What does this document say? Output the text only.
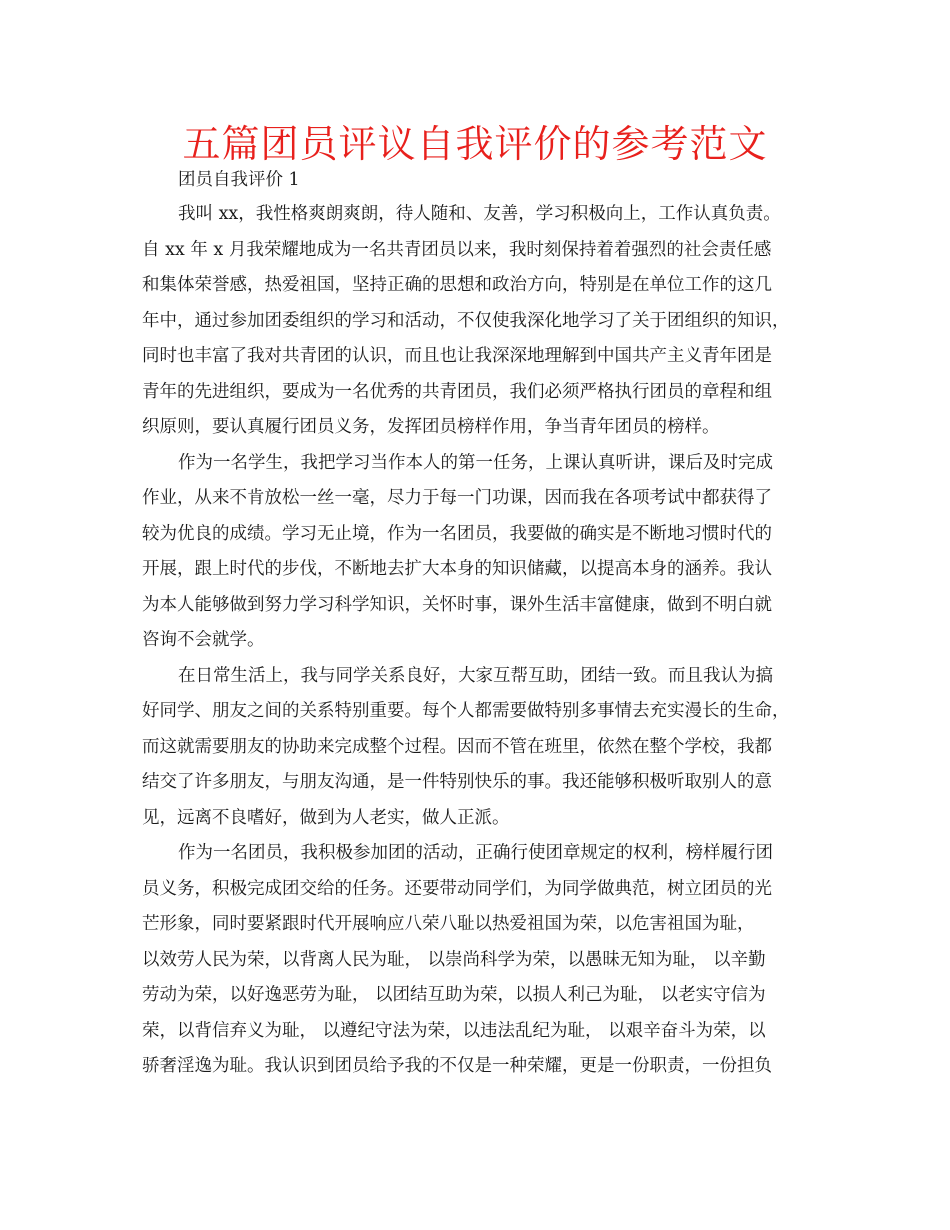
五篇团员评议自我评价的参考范文
团员自我评价 1
我叫 xx，我性格爽朗爽朗，待人随和、友善，学习积极向上，工作认真负责。
自 xx 年 x 月我荣耀地成为一名共青团员以来，我时刻保持着着强烈的社会责任感
和集体荣誉感，热爱祖国，坚持正确的思想和政治方向，特别是在单位工作的这几
年中，通过参加团委组织的学习和活动，不仅使我深化地学习了关于团组织的知识，
同时也丰富了我对共青团的认识，而且也让我深深地理解到中国共产主义青年团是
青年的先进组织，要成为一名优秀的共青团员，我们必须严格执行团员的章程和组
织原则，要认真履行团员义务，发挥团员榜样作用，争当青年团员的榜样。
作为一名学生，我把学习当作本人的第一任务，上课认真听讲，课后及时完成
作业，从来不肯放松一丝一毫，尽力于每一门功课，因而我在各项考试中都获得了
较为优良的成绩。学习无止境，作为一名团员，我要做的确实是不断地习惯时代的
开展，跟上时代的步伐，不断地去扩大本身的知识储藏，以提高本身的涵养。我认
为本人能够做到努力学习科学知识，关怀时事，课外生活丰富健康，做到不明白就
咨询不会就学。
在日常生活上，我与同学关系良好，大家互帮互助，团结一致。而且我认为搞
好同学、朋友之间的关系特别重要。每个人都需要做特别多事情去充实漫长的生命，
而这就需要朋友的协助来完成整个过程。因而不管在班里，依然在整个学校，我都
结交了许多朋友，与朋友沟通，是一件特别快乐的事。我还能够积极听取别人的意
见，远离不良嗜好，做到为人老实，做人正派。
作为一名团员，我积极参加团的活动，正确行使团章规定的权利，榜样履行团
员义务，积极完成团交给的任务。还要带动同学们，为同学做典范，树立团员的光
芒形象，同时要紧跟时代开展响应八荣八耻以热爱祖国为荣，以危害祖国为耻，
以效劳人民为荣，以背离人民为耻， 以崇尚科学为荣，以愚昧无知为耻， 以辛勤
劳动为荣，以好逸恶劳为耻， 以团结互助为荣，以损人利己为耻， 以老实守信为
荣，以背信弃义为耻， 以遵纪守法为荣，以违法乱纪为耻， 以艰辛奋斗为荣，以
骄奢淫逸为耻。我认识到团员给予我的不仅是一种荣耀，更是一份职责，一份担负
